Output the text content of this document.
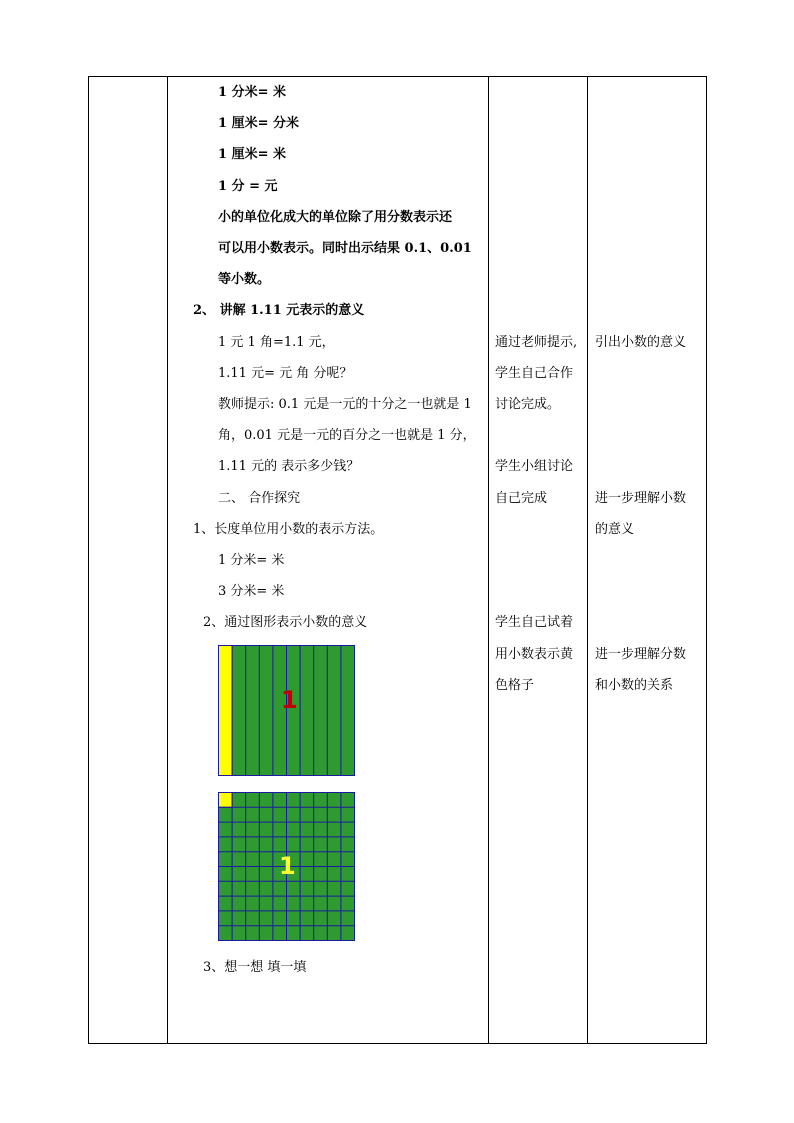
1 分米= 米
1 厘米= 分米
1 厘米= 米
1 分 = 元
小的单位化成大的单位除了用分数表示还
可以用小数表示。同时出示结果 0.1、0.01
等小数。
2、 讲解 1.11 元表示的意义
1 元 1 角=1.1 元，
1.11 元= 元 角 分呢？
教师提示: 0.1 元是一元的十分之一也就是 1
角，0.01 元是一元的百分之一也就是 1 分，
1.11 元的 表示多少钱？
二、 合作探究
1、长度单位用小数的表示方法。
1 分米= 米
3 分米= 米
2、通过图形表示小数的意义
3、想一想 填一填
1
1
通过老师提示,
学生自己合作
讨论完成。
学生小组讨论
自己完成
学生自己试着
用小数表示黄
色格子
引出小数的意义
进一步理解小数
的意义
进一步理解分数
和小数的关系
